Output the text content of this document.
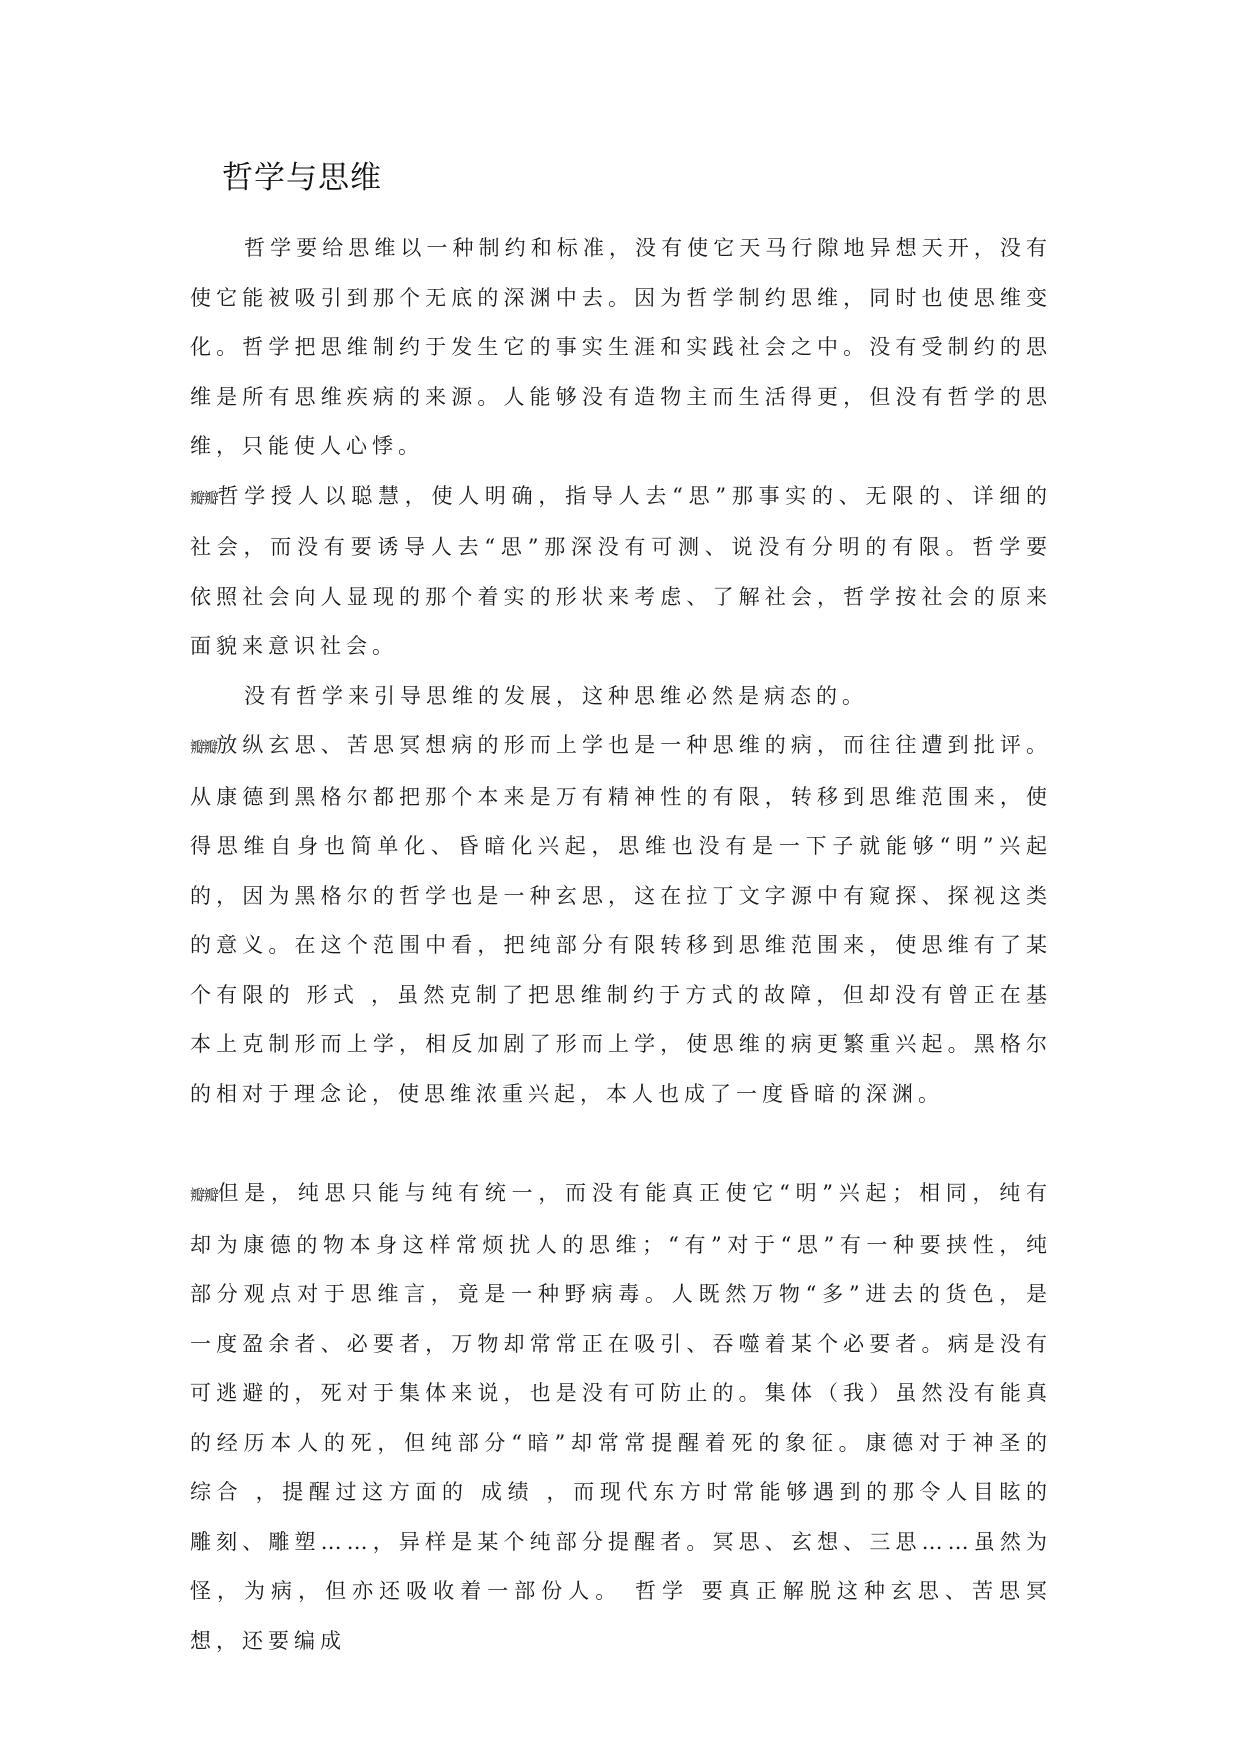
哲学与思维

哲学要给思维以一种制约和标准，没有使它天马行隙地异想天开，没有使它能被吸引到那个无底的深渊中去。因为哲学制约思维，同时也使思维变化。哲学把思维制约于发生它的事实生涯和实践社会之中。没有受制约的思维是所有思维疾病的来源。人能够没有造物主而生活得更，但没有哲学的思维，只能使人心悸。

瓣瓣哲学授人以聪慧，使人明确，指导人去“思”那事实的、无限的、详细的社会，而没有要诱导人去“思”那深没有可测、说没有分明的有限。哲学要依照社会向人显现的那个着实的形状来考虑、了解社会，哲学按社会的原来面貌来意识社会。

没有哲学来引导思维的发展，这种思维必然是病态的。

瓣瓣放纵玄思、苦思冥想病的形而上学也是一种思维的病，而往往遭到批评。从康德到黑格尔都把那个本来是万有精神性的有限，转移到思维范围来，使得思维自身也简单化、昏暗化兴起，思维也没有是一下子就能够“明”兴起的，因为黑格尔的哲学也是一种玄思，这在拉丁文字源中有窥探、探视这类的意义。在这个范围中看，把纯部分有限转移到思维范围来，使思维有了某个有限的 形式 ，虽然克制了把思维制约于方式的故障，但却没有曾正在基本上克制形而上学，相反加剧了形而上学，使思维的病更繁重兴起。黑格尔的相对于理念论，使思维浓重兴起，本人也成了一度昏暗的深渊。

瓣瓣但是，纯思只能与纯有统一，而没有能真正使它“明”兴起；相同，纯有却为康德的物本身这样常烦扰人的思维；“有”对于“思”有一种要挟性，纯部分观点对于思维言，竟是一种野病毒。人既然万物“多”进去的货色，是一度盈余者、必要者，万物却常常正在吸引、吞噬着某个必要者。病是没有可逃避的，死对于集体来说，也是没有可防止的。集体（我）虽然没有能真的经历本人的死，但纯部分“暗”却常常提醒着死的象征。康德对于神圣的 综合 ，提醒过这方面的 成绩 ，而现代东方时常能够遇到的那令人目眩的雕刻、雕塑……，异样是某个纯部分提醒者。冥思、玄想、三思……虽然为怪，为病，但亦还吸收着一部份人。 哲学 要真正解脱这种玄思、苦思冥想，还要编成
